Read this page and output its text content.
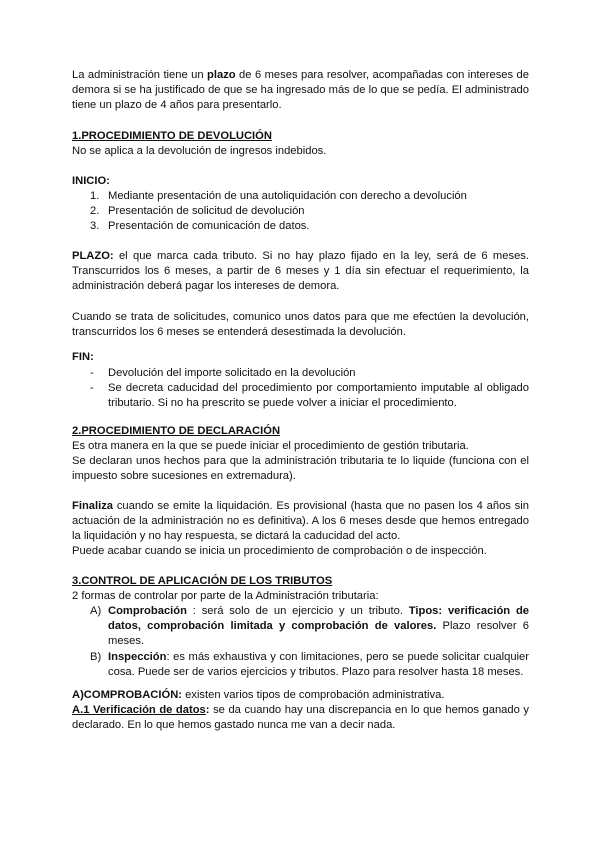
La administración tiene un plazo de 6 meses para resolver, acompañadas con intereses de demora si se ha justificado de que se ha ingresado más de lo que se pedía. El administrado tiene un plazo de 4 años para presentarlo.

1.PROCEDIMIENTO DE DEVOLUCIÓN

No se aplica a la devolución de ingresos indebidos.

INICIO:

1. Mediante presentación de una autoliquidación con derecho a devolución
2. Presentación de solicitud de devolución
3. Presentación de comunicación de datos.

PLAZO: el que marca cada tributo. Si no hay plazo fijado en la ley, será de 6 meses. Transcurridos los 6 meses, a partir de 6 meses y 1 día sin efectuar el requerimiento, la administración deberá pagar los intereses de demora.

Cuando se trata de solicitudes, comunico unos datos para que me efectúen la devolución, transcurridos los 6 meses se entenderá desestimada la devolución.

FIN:

- Devolución del importe solicitado en la devolución
- Se decreta caducidad del procedimiento por comportamiento imputable al obligado tributario. Si no ha prescrito se puede volver a iniciar el procedimiento.

2.PROCEDIMIENTO DE DECLARACIÓN

Es otra manera en la que se puede iniciar el procedimiento de gestión tributaria.

Se declaran unos hechos para que la administración tributaria te lo liquide (funciona con el impuesto sobre sucesiones en extremadura).

Finaliza cuando se emite la liquidación. Es provisional (hasta que no pasen los 4 años sin actuación de la administración no es definitiva). A los 6 meses desde que hemos entregado la liquidación y no hay respuesta, se dictará la caducidad del acto.

Puede acabar cuando se inicia un procedimiento de comprobación o de inspección.

3.CONTROL DE APLICACIÓN DE LOS TRIBUTOS

2 formas de controlar por parte de la Administración tributaria:

A) Comprobación : será solo de un ejercicio y un tributo. Tipos: verificación de datos, comprobación limitada y comprobación de valores. Plazo resolver 6 meses.
B) Inspección: es más exhaustiva y con limitaciones, pero se puede solicitar cualquier cosa. Puede ser de varios ejercicios y tributos. Plazo para resolver hasta 18 meses.

A)COMPROBACIÓN: existen varios tipos de comprobación administrativa.

A.1 Verificación de datos: se da cuando hay una discrepancia en lo que hemos ganado y declarado. En lo que hemos gastado nunca me van a decir nada.
